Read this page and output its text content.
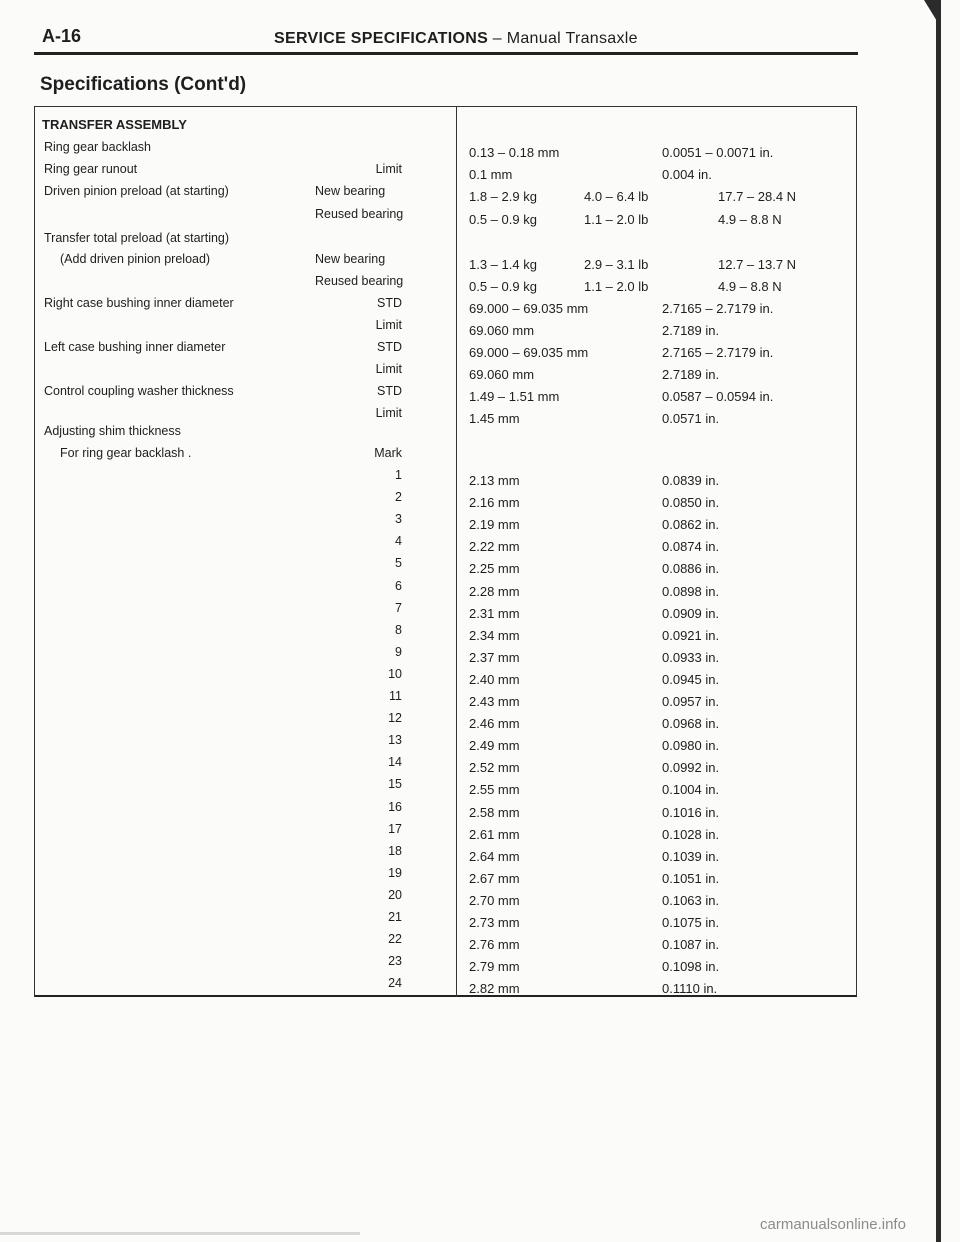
A-16	SERVICE SPECIFICATIONS – Manual Transaxle
Specifications (Cont'd)
TRANSFER ASSEMBLY
Ring gear backlash	0.13 – 0.18 mm	0.0051 – 0.0071 in.
Ring gear runout	Limit	0.1 mm	0.004 in.
Driven pinion preload (at starting)	New bearing	1.8 – 2.9 kg	4.0 – 6.4 lb	17.7 – 28.4 N
Reused bearing	0.5 – 0.9 kg	1.1 – 2.0 lb	4.9 – 8.8 N
Transfer total preload (at starting)
(Add driven pinion preload)	New bearing	1.3 – 1.4 kg	2.9 – 3.1 lb	12.7 – 13.7 N
Reused bearing	0.5 – 0.9 kg	1.1 – 2.0 lb	4.9 – 8.8 N
Right case bushing inner diameter	STD	69.000 – 69.035 mm	2.7165 – 2.7179 in.
Limit	69.060 mm	2.7189 in.
Left case bushing inner diameter	STD	69.000 – 69.035 mm	2.7165 – 2.7179 in.
Limit	69.060 mm	2.7189 in.
Control coupling washer thickness	STD	1.49 – 1.51 mm	0.0587 – 0.0594 in.
Limit	1.45 mm	0.0571 in.
Adjusting shim thickness
For ring gear backlash .	Mark
1	2.13 mm	0.0839 in.
2	2.16 mm	0.0850 in.
3	2.19 mm	0.0862 in.
4	2.22 mm	0.0874 in.
5	2.25 mm	0.0886 in.
6	2.28 mm	0.0898 in.
7	2.31 mm	0.0909 in.
8	2.34 mm	0.0921 in.
9	2.37 mm	0.0933 in.
10	2.40 mm	0.0945 in.
11	2.43 mm	0.0957 in.
12	2.46 mm	0.0968 in.
13	2.49 mm	0.0980 in.
14	2.52 mm	0.0992 in.
15	2.55 mm	0.1004 in.
16	2.58 mm	0.1016 in.
17	2.61 mm	0.1028 in.
18	2.64 mm	0.1039 in.
19	2.67 mm	0.1051 in.
20	2.70 mm	0.1063 in.
21	2.73 mm	0.1075 in.
22	2.76 mm	0.1087 in.
23	2.79 mm	0.1098 in.
24	2.82 mm	0.1110 in.
carmanualsonline.info
